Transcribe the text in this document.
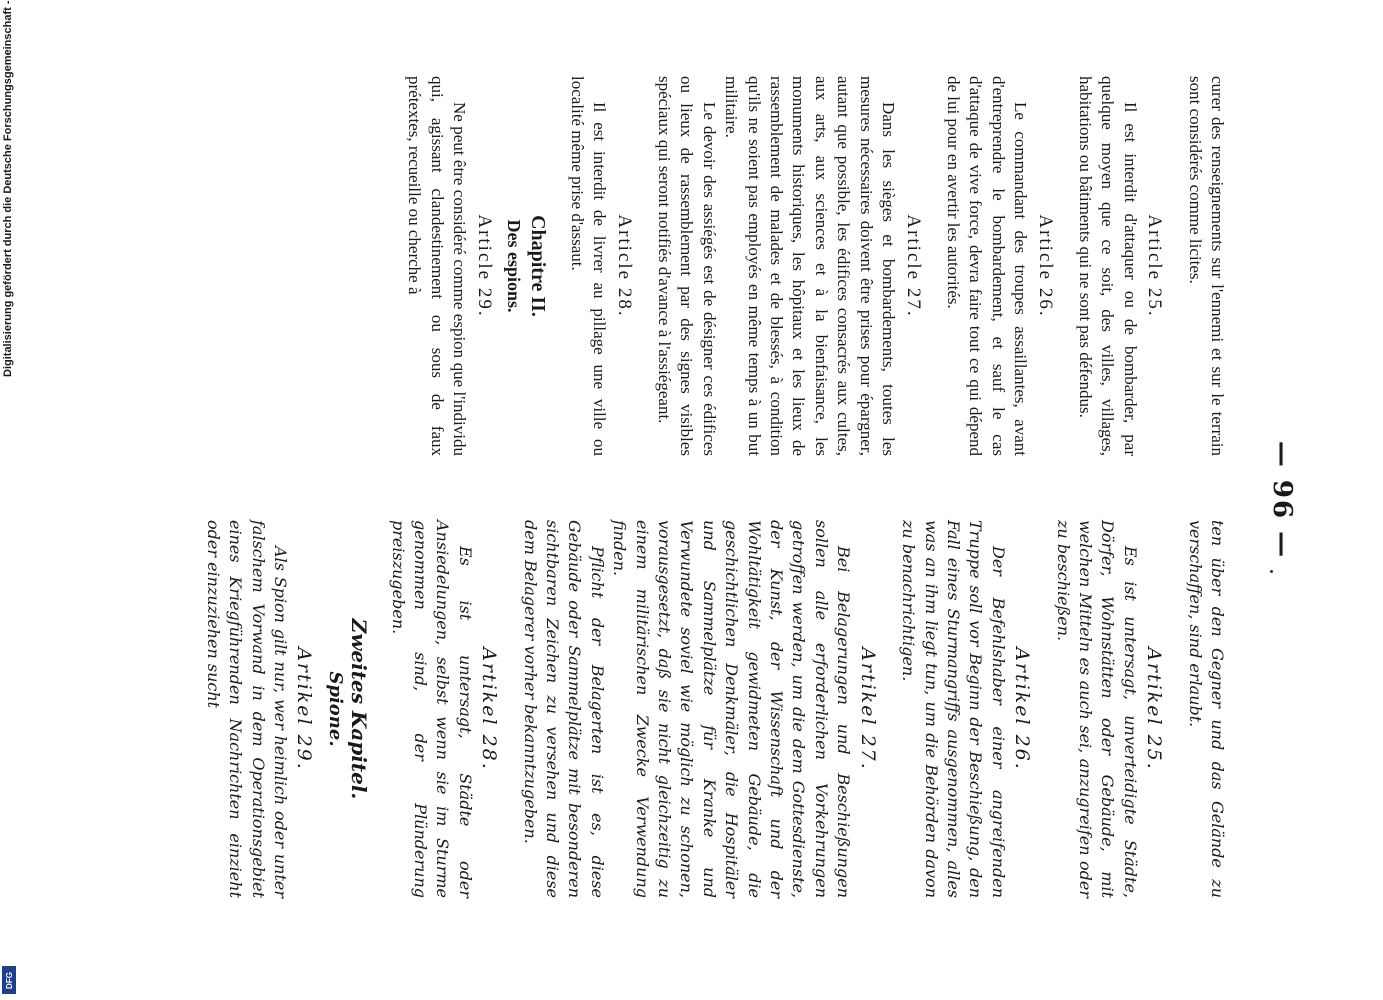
Digitalisierung gefördert durch die Deutsche Forschungsgemeinschaft -
DFG
— 96 —

curer des renseignements sur l'ennemi et sur le terrain sont considérés comme licites.

Article 25.

Il est interdit d'attaquer ou de bombarder, par quelque moyen que ce soit, des villes, villages, habitations ou bâtiments qui ne sont pas défendus.

Article 26.

Le commandant des troupes assaillantes, avant d'entreprendre le bombardement, et sauf le cas d'attaque de vive force, devra faire tout ce qui dépend de lui pour en avertir les autorités.

Article 27.

Dans les sièges et bombardements, toutes les mesures nécessaires doivent être prises pour épargner, autant que possible, les édifices consacrés aux cultes, aux arts, aux sciences et à la bienfaisance, les monuments historiques, les hôpitaux et les lieux de rassemblement de malades et de blessés, à condition qu'ils ne soient pas employés en même temps à un but militaire.

Le devoir des assiégés est de désigner ces édifices ou lieux de rassemblement par des signes visibles spéciaux qui seront notifiés d'avance à l'assiégeant.

Article 28.

Il est interdit de livrer au pillage une ville ou localité même prise d'assaut.

Chapitre II.
Des espions.
Article 29.

Ne peut être considéré comme espion que l'individu qui, agissant clandestinement ou sous de faux prétextes, recueille ou cherche à

ten über den Gegner und das Gelände zu verschaffen, sind erlaubt.

Artikel 25.

Es ist untersagt, unverteidigte Städte, Dörfer, Wohnstätten oder Gebäude, mit welchen Mitteln es auch sei, anzugreifen oder zu beschießen.

Artikel 26.

Der Befehlshaber einer angreifenden Truppe soll vor Beginn der Beschießung, den Fall eines Sturmangriffs ausgenommen, alles was an ihm liegt tun, um die Behörden davon zu benachrichtigen.

Artikel 27.

Bei Belagerungen und Beschießungen sollen alle erforderlichen Vorkehrungen getroffen werden, um die dem Gottesdienste, der Kunst, der Wissenschaft und der Wohltätigkeit gewidmeten Gebäude, die geschichtlichen Denkmäler, die Hospitäler und Sammelplätze für Kranke und Verwundete soviel wie möglich zu schonen, vorausgesetzt, daß sie nicht gleichzeitig zu einem militärischen Zwecke Verwendung finden.

Pflicht der Belagerten ist es, diese Gebäude oder Sammelplätze mit besonderen sichtbaren Zeichen zu versehen und diese dem Belagerer vorher bekanntzugeben.

Artikel 28.

Es ist untersagt, Städte oder Ansiedelungen, selbst wenn sie im Sturme genommen sind, der Plünderung preiszugeben.

Zweites Kapitel.
Spione.
Artikel 29.

Als Spion gilt nur, wer heimlich oder unter falschem Vorwand in dem Operationsgebiet eines Kriegführenden Nachrichten einzieht oder einzuziehen sucht
